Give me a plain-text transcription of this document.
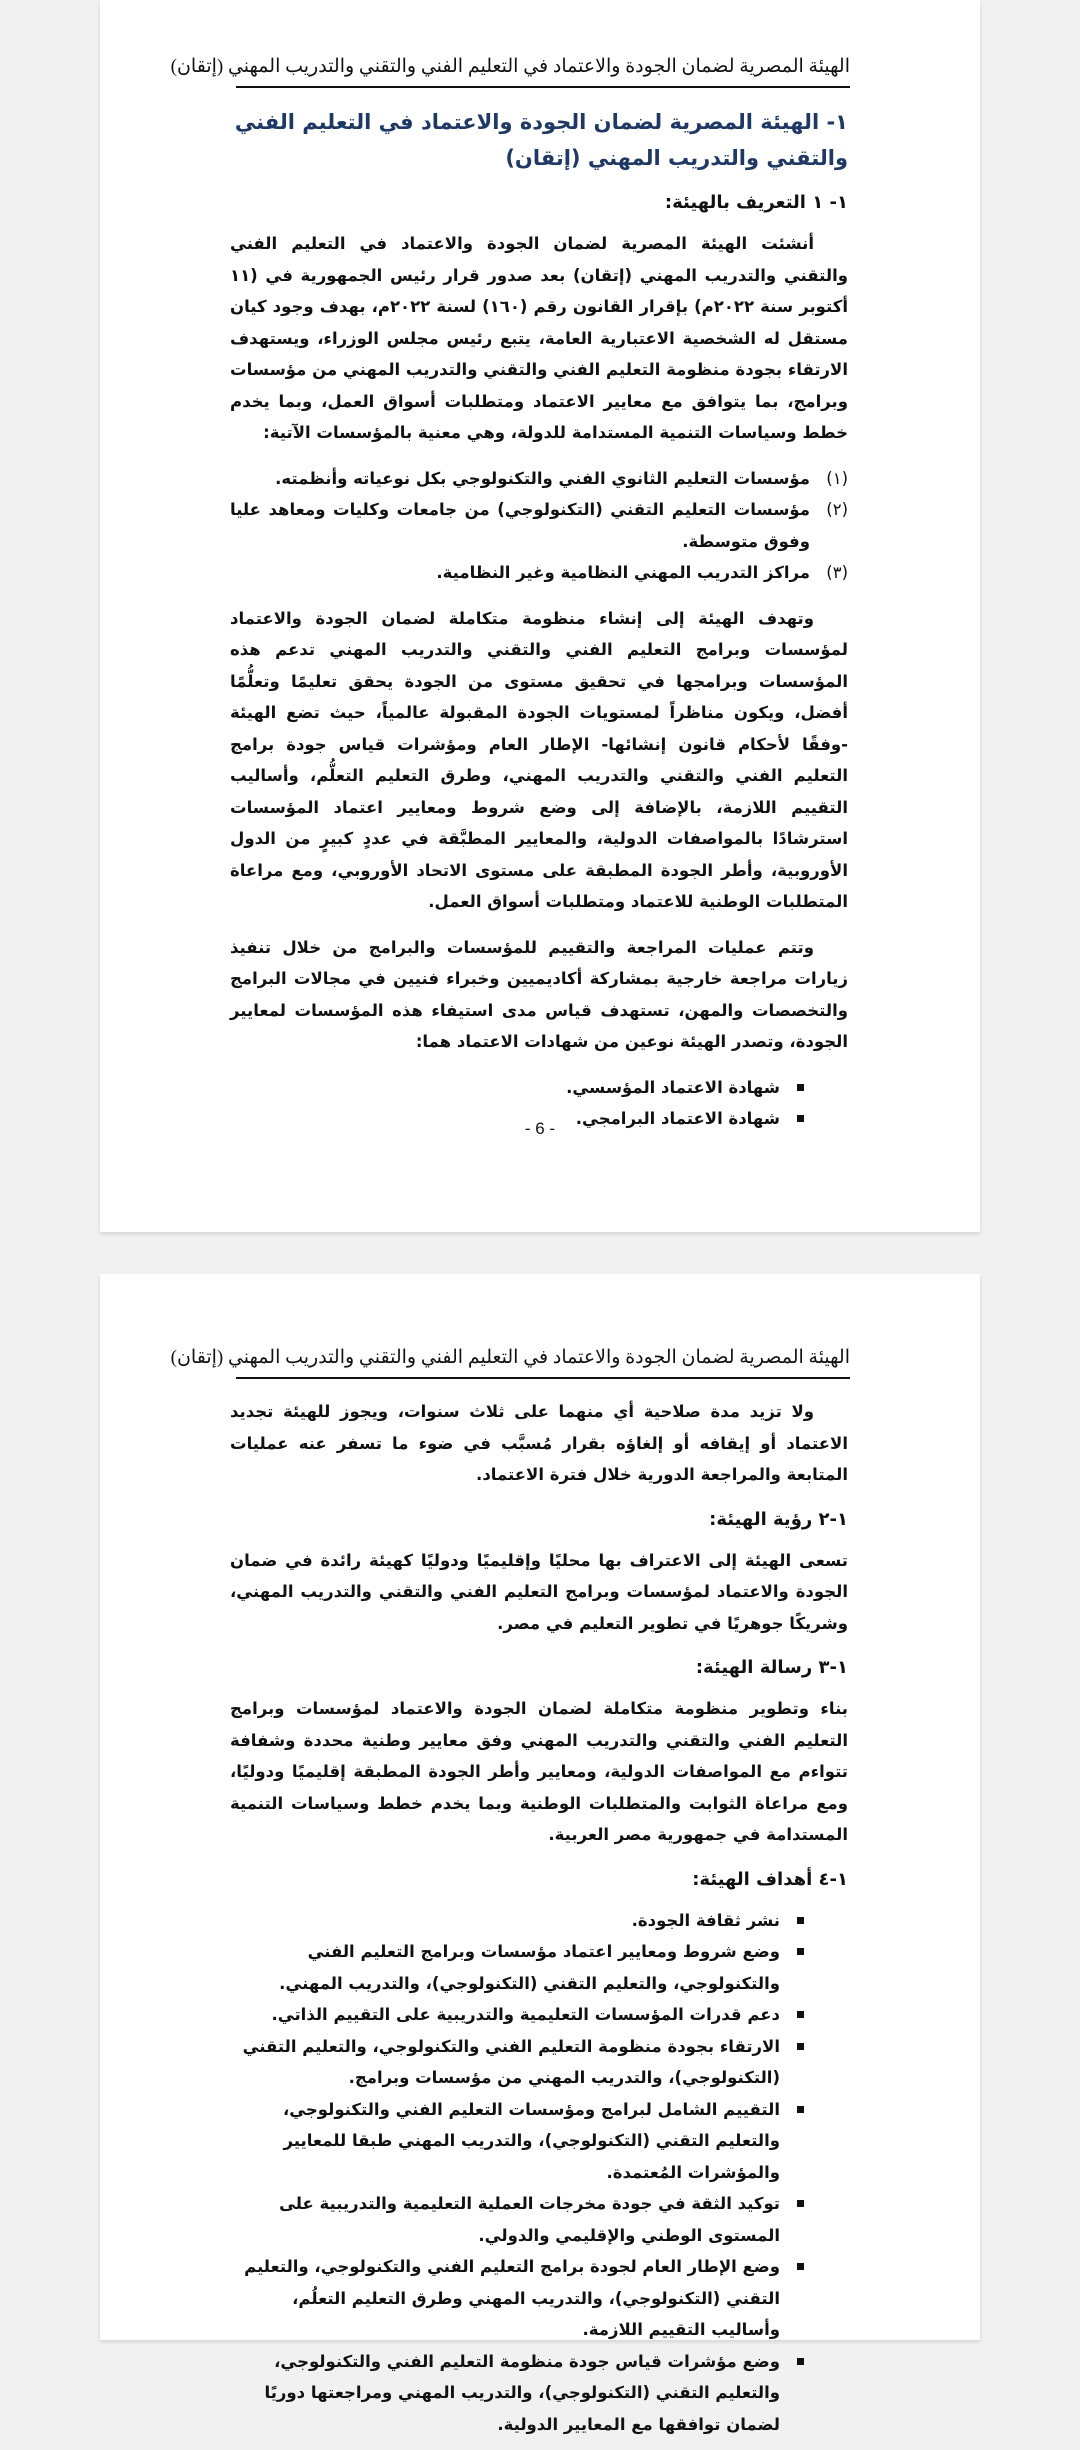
الهيئة المصرية لضمان الجودة والاعتماد في التعليم الفني والتقني والتدريب المهني (إتقان)
١- الهيئة المصرية لضمان الجودة والاعتماد في التعليم الفني والتقني والتدريب المهني (إتقان)
١- ١ التعريف بالهيئة:

أنشئت الهيئة المصرية لضمان الجودة والاعتماد في التعليم الفني والتقني والتدريب المهني (إتقان) بعد صدور قرار رئيس الجمهورية في (١١ أكتوبر سنة ٢٠٢٢م) بإقرار القانون رقم (١٦٠) لسنة ٢٠٢٢م، بهدف وجود كيان مستقل له الشخصية الاعتبارية العامة، يتبع رئيس مجلس الوزراء، ويستهدف الارتقاء بجودة منظومة التعليم الفني والتقني والتدريب المهني من مؤسسات وبرامج، بما يتوافق مع معايير الاعتماد ومتطلبات أسواق العمل، وبما يخدم خطط وسياسات التنمية المستدامة للدولة، وهي معنية بالمؤسسات الآتية:

(١)
مؤسسات التعليم الثانوي الفني والتكنولوجي بكل نوعياته وأنظمته.
(٢)
مؤسسات التعليم التقني (التكنولوجي) من جامعات وكليات ومعاهد عليا وفوق متوسطة.
(٣)
مراكز التدريب المهني النظامية وغير النظامية.

وتهدف الهيئة إلى إنشاء منظومة متكاملة لضمان الجودة والاعتماد لمؤسسات وبرامج التعليم الفني والتقني والتدريب المهني تدعم هذه المؤسسات وبرامجها في تحقيق مستوى من الجودة يحقق تعليمًا وتعلُّمًا أفضل، ويكون مناظراً لمستويات الجودة المقبولة عالمياً، حيث تضع الهيئة -وفقًا لأحكام قانون إنشائها- الإطار العام ومؤشرات قياس جودة برامج التعليم الفني والتقني والتدريب المهني، وطرق التعليم التعلُّم، وأساليب التقييم اللازمة، بالإضافة إلى وضع شروط ومعايير اعتماد المؤسسات استرشادًا بالمواصفات الدولية، والمعايير المطبَّقة في عددٍ كبيرٍ من الدول الأوروبية، وأطر الجودة المطبقة على مستوى الاتحاد الأوروبي، ومع مراعاة المتطلبات الوطنية للاعتماد ومتطلبات أسواق العمل.

وتتم عمليات المراجعة والتقييم للمؤسسات والبرامج من خلال تنفيذ زيارات مراجعة خارجية بمشاركة أكاديميين وخبراء فنيين في مجالات البرامج والتخصصات والمهن، تستهدف قياس مدى استيفاء هذه المؤسسات لمعايير الجودة، وتصدر الهيئة نوعين من شهادات الاعتماد هما:

شهادة الاعتماد المؤسسي.
شهادة الاعتماد البرامجي.
- 6 -
الهيئة المصرية لضمان الجودة والاعتماد في التعليم الفني والتقني والتدريب المهني (إتقان)

ولا تزيد مدة صلاحية أي منهما على ثلاث سنوات، ويجوز للهيئة تجديد الاعتماد أو إيقافه أو إلغاؤه بقرار مُسبَّب في ضوء ما تسفر عنه عمليات المتابعة والمراجعة الدورية خلال فترة الاعتماد.

١-٢ رؤية الهيئة:

تسعى الهيئة إلى الاعتراف بها محليًا وإقليميًا ودوليًا كهيئة رائدة في ضمان الجودة والاعتماد لمؤسسات وبرامج التعليم الفني والتقني والتدريب المهني، وشريكًا جوهريًا في تطوير التعليم في مصر.

١-٣ رسالة الهيئة:

بناء وتطوير منظومة متكاملة لضمان الجودة والاعتماد لمؤسسات وبرامج التعليم الفني والتقني والتدريب المهني وفق معايير وطنية محددة وشفافة تتواءم مع المواصفات الدولية، ومعايير وأطر الجودة المطبقة إقليميًا ودوليًا، ومع مراعاة الثوابت والمتطلبات الوطنية وبما يخدم خطط وسياسات التنمية المستدامة في جمهورية مصر العربية.

١-٤ أهداف الهيئة:
نشر ثقافة الجودة.
وضع شروط ومعايير اعتماد مؤسسات وبرامج التعليم الفني والتكنولوجي، والتعليم التقني (التكنولوجي)، والتدريب المهني.
دعم قدرات المؤسسات التعليمية والتدريبية على التقييم الذاتي.
الارتقاء بجودة منظومة التعليم الفني والتكنولوجي، والتعليم التقني (التكنولوجي)، والتدريب المهني من مؤسسات وبرامج.
التقييم الشامل لبرامج ومؤسسات التعليم الفني والتكنولوجي، والتعليم التقني (التكنولوجي)، والتدريب المهني طبقا للمعايير والمؤشرات المُعتمدة.
توكيد الثقة في جودة مخرجات العملية التعليمية والتدريبية على المستوى الوطني والإقليمي والدولي.
وضع الإطار العام لجودة برامج التعليم الفني والتكنولوجي، والتعليم التقني (التكنولوجي)، والتدريب المهني وطرق التعليم التعلُم، وأساليب التقييم اللازمة.
وضع مؤشرات قياس جودة منظومة التعليم الفني والتكنولوجي، والتعليم التقني (التكنولوجي)، والتدريب المهني ومراجعتها دوريًا لضمان توافقها مع المعايير الدولية.
